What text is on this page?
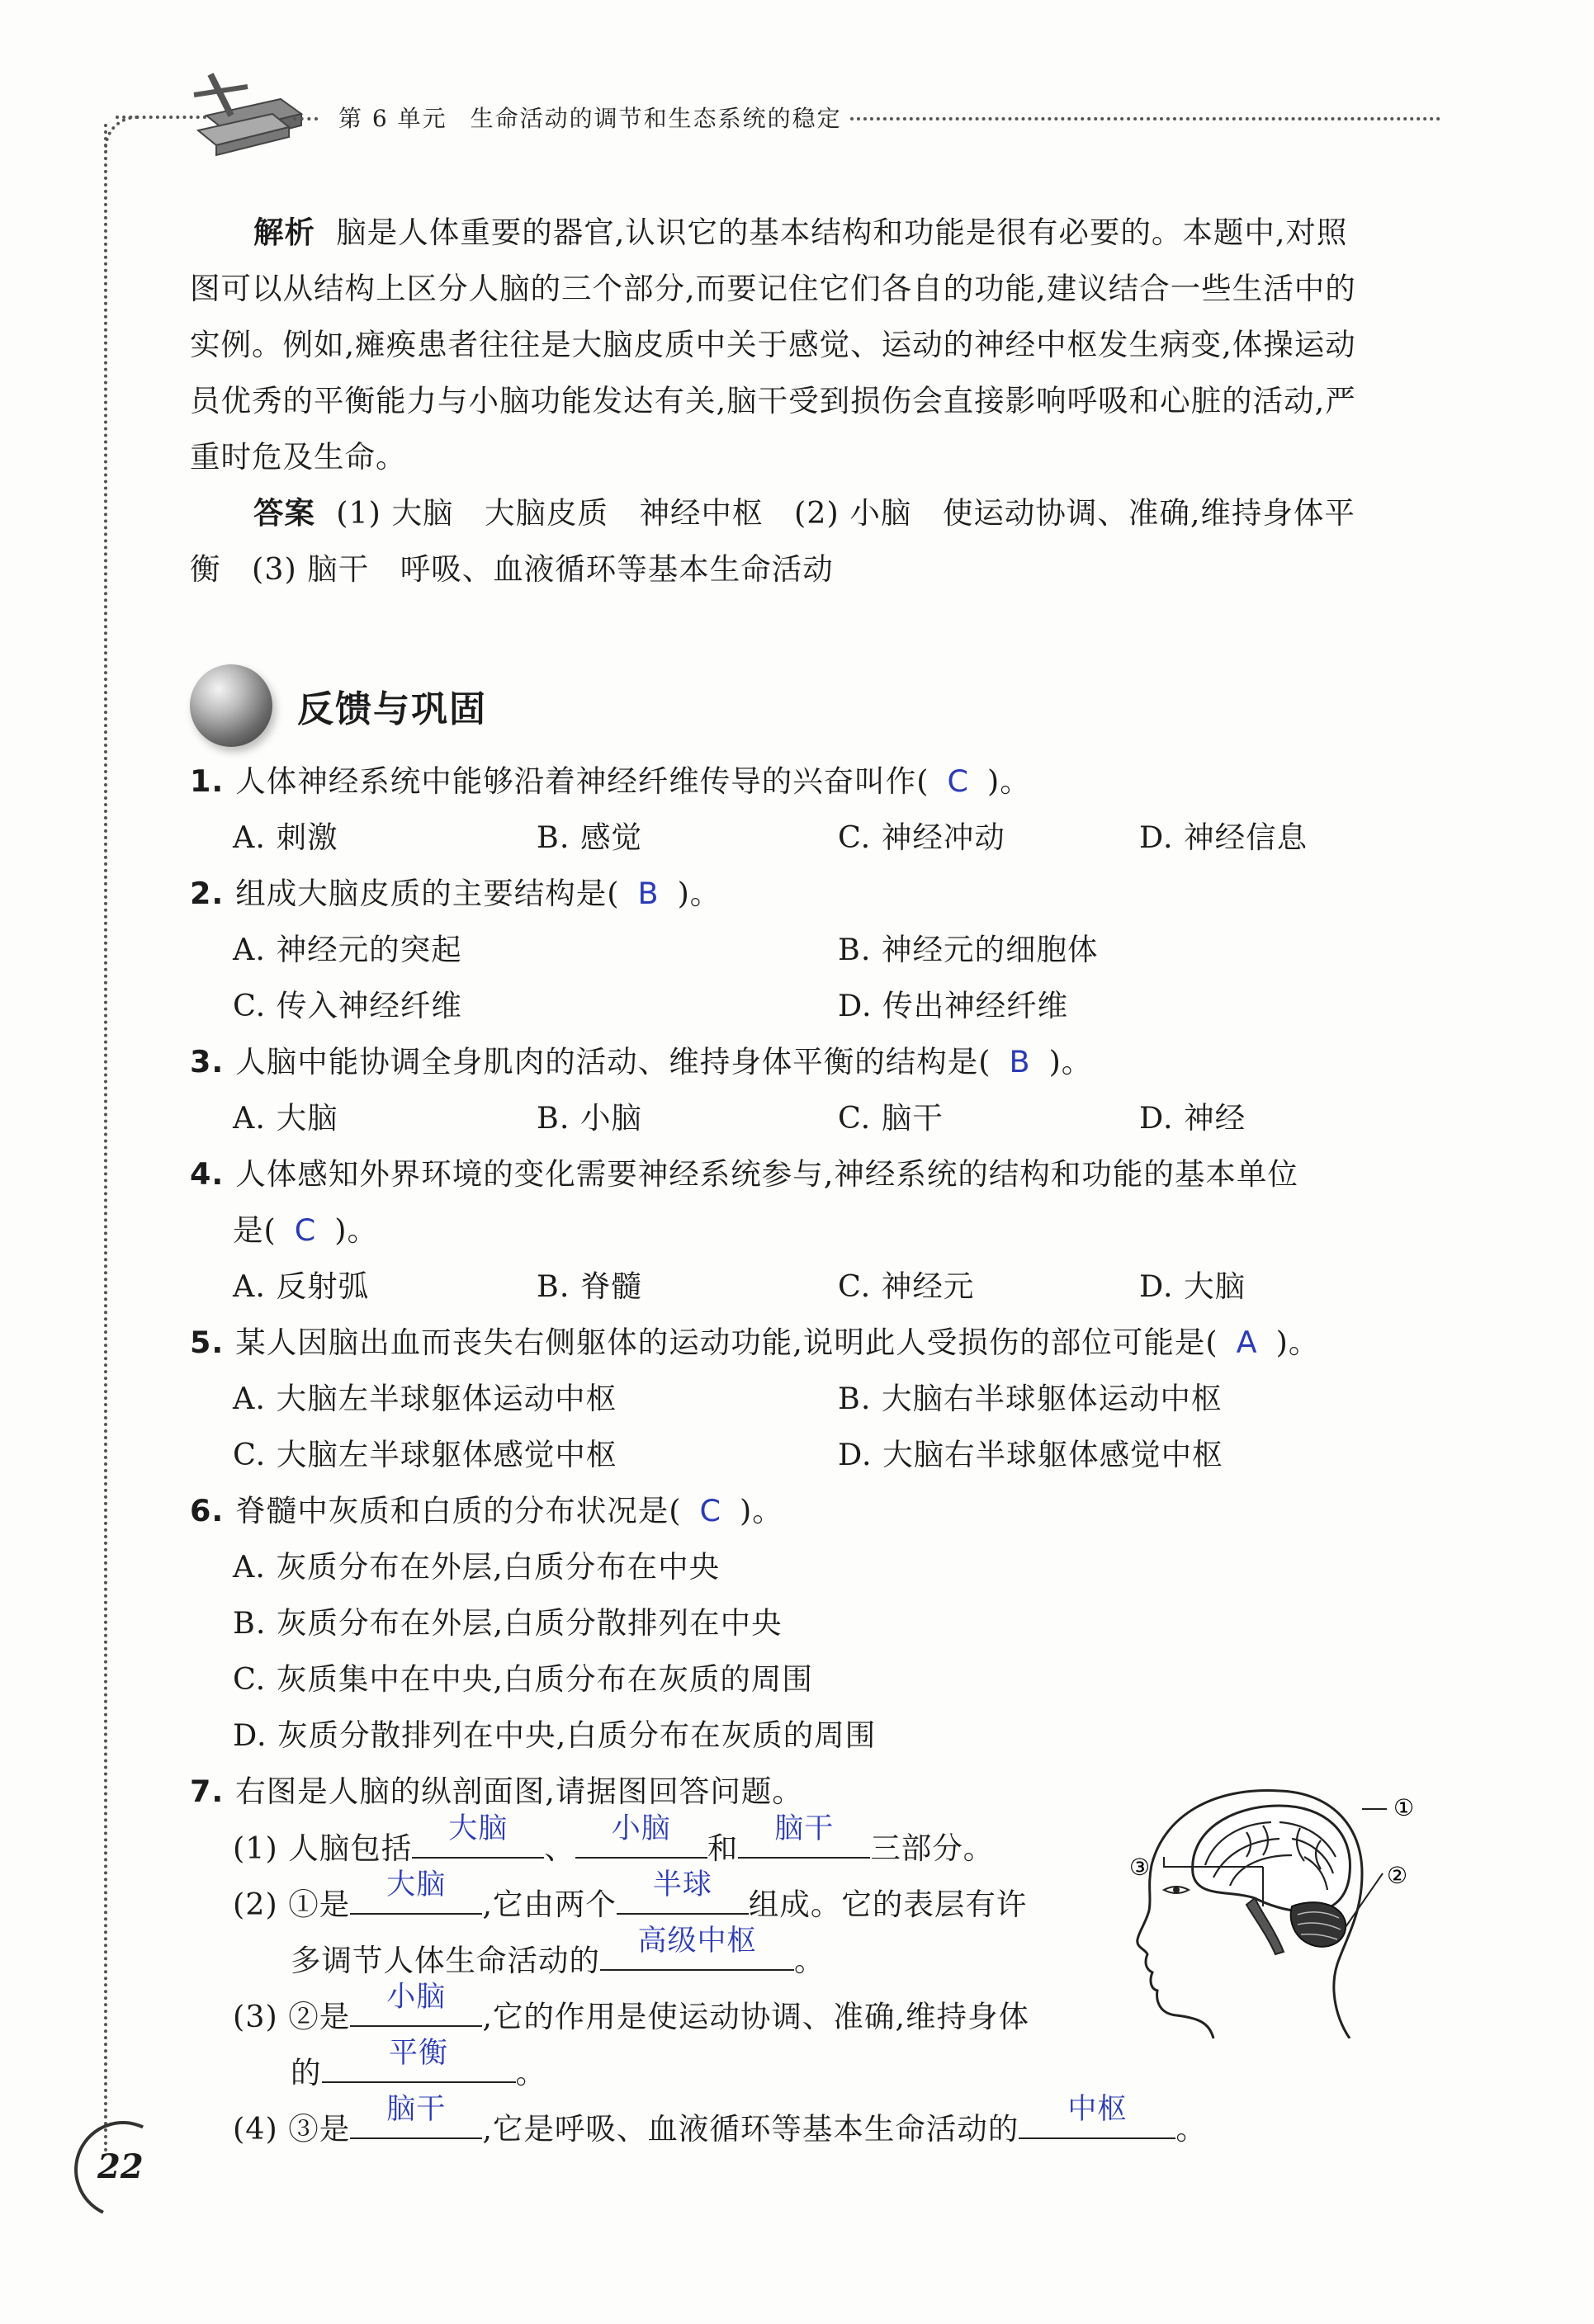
第 6 单元 生命活动的调节和生态系统的稳定
解析 脑是人体重要的器官,认识它的基本结构和功能是很有必要的。本题中,对照
图可以从结构上区分人脑的三个部分,而要记住它们各自的功能,建议结合一些生活中的
实例。例如,瘫痪患者往往是大脑皮质中关于感觉、运动的神经中枢发生病变,体操运动
员优秀的平衡能力与小脑功能发达有关,脑干受到损伤会直接影响呼吸和心脏的活动,严
重时危及生命。
答案 (1) 大脑　大脑皮质　神经中枢　(2) 小脑　使运动协调、准确,维持身体平
衡　(3) 脑干　呼吸、血液循环等基本生命活动
反馈与巩固
1. 人体神经系统中能够沿着神经纤维传导的兴奋叫作( C )。
A. 刺激	B. 感觉	C. 神经冲动	D. 神经信息
2. 组成大脑皮质的主要结构是( B )。
A. 神经元的突起	B. 神经元的细胞体
C. 传入神经纤维	D. 传出神经纤维
3. 人脑中能协调全身肌肉的活动、维持身体平衡的结构是( B )。
A. 大脑	B. 小脑	C. 脑干	D. 神经
4. 人体感知外界环境的变化需要神经系统参与,神经系统的结构和功能的基本单位
是( C )。
A. 反射弧	B. 脊髓	C. 神经元	D. 大脑
5. 某人因脑出血而丧失右侧躯体的运动功能,说明此人受损伤的部位可能是( A )。
A. 大脑左半球躯体运动中枢	B. 大脑右半球躯体运动中枢
C. 大脑左半球躯体感觉中枢	D. 大脑右半球躯体感觉中枢
6. 脊髓中灰质和白质的分布状况是( C )。
A. 灰质分布在外层,白质分布在中央
B. 灰质分布在外层,白质分散排列在中央
C. 灰质集中在中央,白质分布在灰质的周围
D. 灰质分散排列在中央,白质分布在灰质的周围
7. 右图是人脑的纵剖面图,请据图回答问题。
(1) 人脑包括
大脑
、
小脑
和
脑干
三部分。
(2) ①是
大脑
,它由两个
半球
组成。它的表层有许
多调节人体生命活动的
高级中枢
。
(3) ②是
小脑
,它的作用是使运动协调、准确,维持身体
的
平衡
。
(4) ③是
脑干
,它是呼吸、血液循环等基本生命活动的
中枢
。
①
②
③
22
